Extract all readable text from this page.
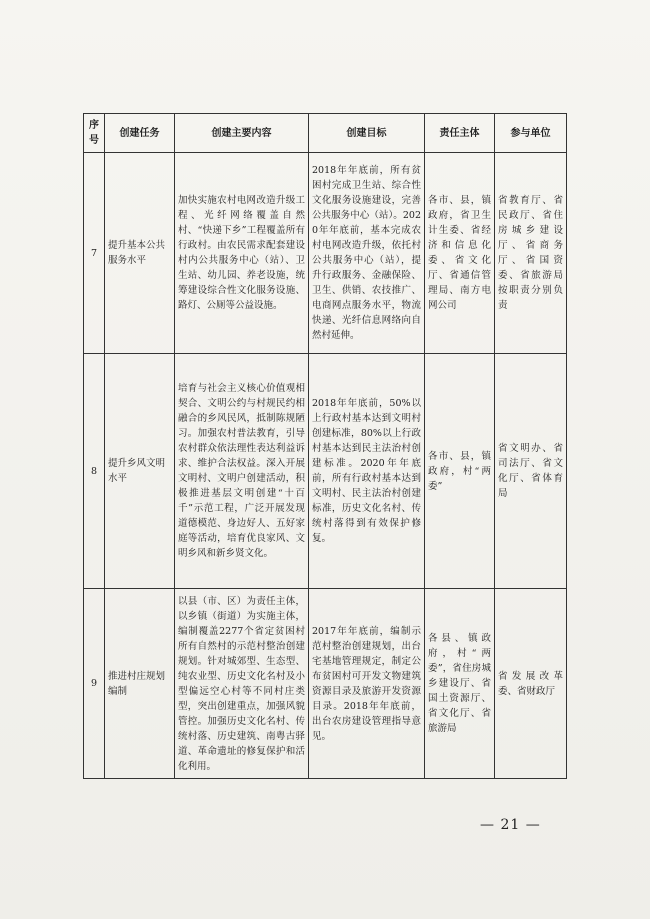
序号	创建任务	创建主要内容	创建目标	责任主体	参与单位
7	提升基本公共服务水平	加快实施农村电网改造升级工程、光纤网络覆盖自然村、“快递下乡”工程覆盖所有行政村。由农民需求配套建设村内公共服务中心（站）、卫生站、幼儿园、养老设施，统筹建设综合性文化服务设施、路灯、公厕等公益设施。	2018年年底前，所有贫困村完成卫生站、综合性文化服务设施建设，完善公共服务中心（站）。2020年年底前，基本完成农村电网改造升级，依托村公共服务中心（站），提升行政服务、金融保险、卫生、供销、农技推广、电商网点服务水平，物流快递、光纤信息网络向自然村延伸。	各市、县，镇政府，省卫生计生委、省经济和信息化委、省文化厅、省通信管理局、南方电网公司	省教育厅、省民政厅、省住房城乡建设厅、省商务厅、省国资委、省旅游局按职责分别负责
8	提升乡风文明水平	培育与社会主义核心价值观相契合、文明公约与村规民约相融合的乡风民风，抵制陈规陋习。加强农村普法教育，引导农村群众依法理性表达利益诉求、维护合法权益。深入开展文明村、文明户创建活动，积极推进基层文明创建“十百千”示范工程，广泛开展发现道德模范、身边好人、五好家庭等活动，培育优良家风、文明乡风和新乡贤文化。	2018年年底前，50%以上行政村基本达到文明村创建标准，80%以上行政村基本达到民主法治村创建标准。2020年年底前，所有行政村基本达到文明村、民主法治村创建标准，历史文化名村、传统村落得到有效保护修复。	各市、县，镇政府，村“两委”	省文明办、省司法厅、省文化厅、省体育局
9	推进村庄规划编制	以县（市、区）为责任主体，以乡镇（街道）为实施主体，编制覆盖2277个省定贫困村所有自然村的示范村整治创建规划。针对城郊型、生态型、纯农业型、历史文化名村及小型偏远空心村等不同村庄类型，突出创建重点，加强风貌管控。加强历史文化名村、传统村落、历史建筑、南粤古驿道、革命遗址的修复保护和活化利用。	2017年年底前，编制示范村整治创建规划，出台宅基地管理规定，制定公布贫困村可开发文物建筑资源目录及旅游开发资源目录。2018年年底前，出台农房建设管理指导意见。	各县、镇政府，村“两委”，省住房城乡建设厅、省国土资源厅、省文化厅、省旅游局	省发展改革委、省财政厅
— 21 —
